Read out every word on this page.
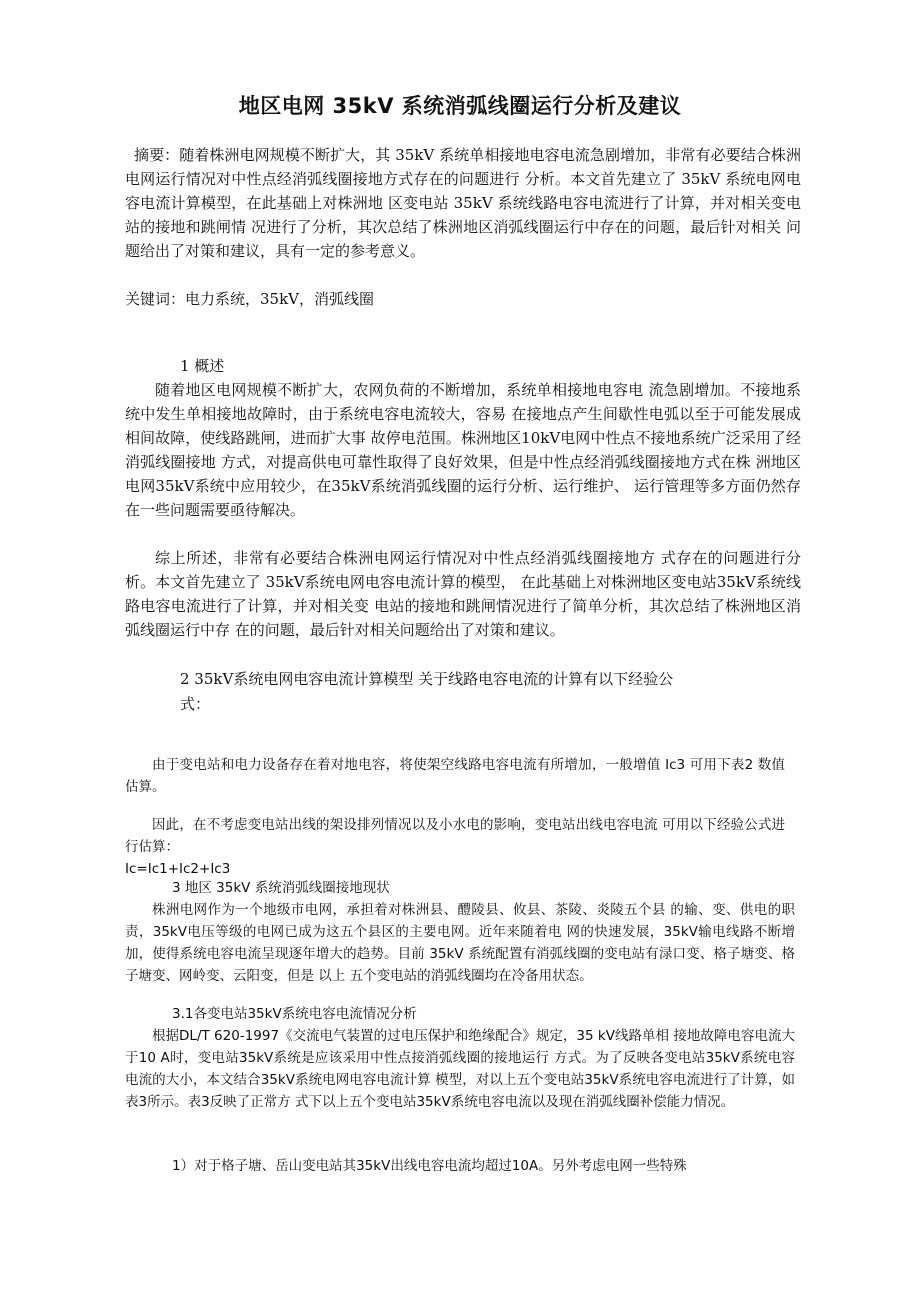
地区电网 35kV 系统消弧线圈运行分析及建议

摘要：随着株洲电网规模不断扩大，其 35kV 系统单相接地电容电流急剧增加，非常有必要结合株洲电网运行情况对中性点经消弧线圈接地方式存在的问题进行 分析。本文首先建立了 35kV 系统电网电容电流计算模型，在此基础上对株洲地 区变电站 35kV 系统线路电容电流进行了计算，并对相关变电站的接地和跳闸情 况进行了分析，其次总结了株洲地区消弧线圈运行中存在的问题，最后针对相关 问题给出了对策和建议，具有一定的参考意义。

关键词：电力系统，35kV，消弧线圈

1 概述

随着地区电网规模不断扩大，农网负荷的不断增加，系统单相接地电容电 流急剧增加。不接地系统中发生单相接地故障时，由于系统电容电流较大，容易 在接地点产生间歇性电弧以至于可能发展成相间故障，使线路跳闸，进而扩大事 故停电范围。株洲地区10kV电网中性点不接地系统广泛采用了经消弧线圈接地 方式，对提高供电可靠性取得了良好效果，但是中性点经消弧线圈接地方式在株 洲地区电网35kV系统中应用较少，在35kV系统消弧线圈的运行分析、运行维护、 运行管理等多方面仍然存在一些问题需要亟待解决。

综上所述，非常有必要结合株洲电网运行情况对中性点经消弧线圈接地方 式存在的问题进行分析。本文首先建立了 35kV系统电网电容电流计算的模型， 在此基础上对株洲地区变电站35kV系统线路电容电流进行了计算，并对相关变 电站的接地和跳闸情况进行了简单分析，其次总结了株洲地区消弧线圈运行中存 在的问题，最后针对相关问题给出了对策和建议。

2 35kV系统电网电容电流计算模型 关于线路电容电流的计算有以下经验公

式：

由于变电站和电力设备存在着对地电容，将使架空线路电容电流有所增加，一般增值 Ic3 可用下表2 数值估算。

因此，在不考虑变电站出线的架设排列情况以及小水电的影响，变电站出线电容电流 可用以下经验公式进行估算：

Ic=Ic1+Ic2+Ic3

3 地区 35kV 系统消弧线圈接地现状

株洲电网作为一个地级市电网，承担着对株洲县、醴陵县、攸县、茶陵、炎陵五个县 的输、变、供电的职责，35kV电压等级的电网已成为这五个县区的主要电网。近年来随着电 网的快速发展，35kV输电线路不断增加，使得系统电容电流呈现逐年增大的趋势。目前 35kV 系统配置有消弧线圈的变电站有渌口变、格子塘变、格子塘变、网岭变、云阳变，但是 以上 五个变电站的消弧线圈均在冷备用状态。

3.1各变电站35kV系统电容电流情况分析

根据DL/T 620-1997《交流电气装置的过电压保护和绝缘配合》规定，35 kV线路单相 接地故障电容电流大于10 A时，变电站35kV系统是应该采用中性点接消弧线圈的接地运行 方式。为了反映各变电站35kV系统电容电流的大小，本文结合35kV系统电网电容电流计算 模型，对以上五个变电站35kV系统电容电流进行了计算，如表3所示。表3反映了正常方 式下以上五个变电站35kV系统电容电流以及现在消弧线圈补偿能力情况。

1）对于格子塘、岳山变电站其35kV出线电容电流均超过10A。另外考虑电网一些特殊
